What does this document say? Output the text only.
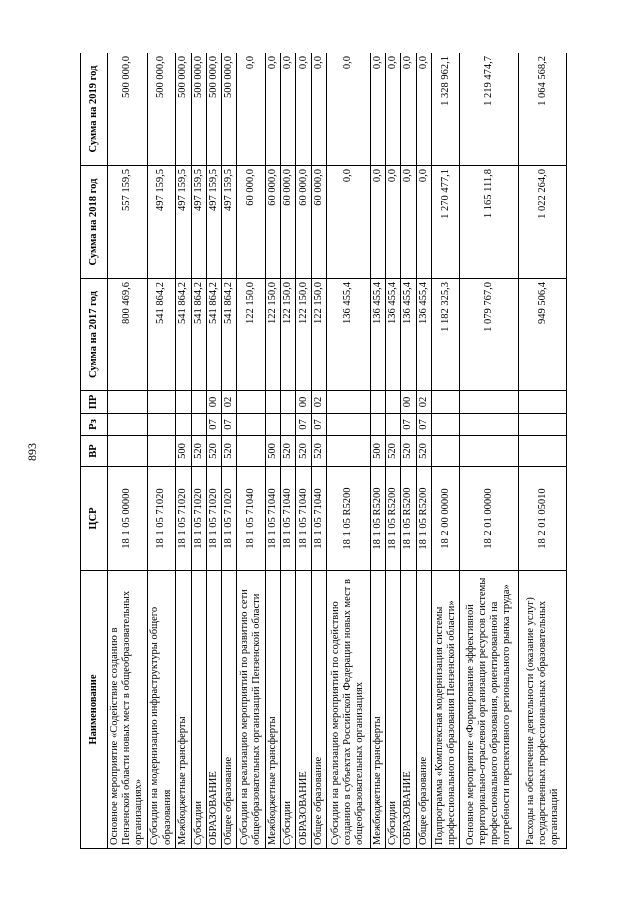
893
Наименование	ЦСР	ВР	Рз	ПР	Сумма на 2017 год	Сумма на 2018 год	Сумма на 2019 год
Основное мероприятие «Содействие созданию в Пензенской области новых мест в общеобразовательных организациях»	18 1 05 00000				800 469,6	557 159,5	500 000,0
Субсидии на модернизацию инфраструктуры общего образования	18 1 05 71020				541 864,2	497 159,5	500 000,0
Межбюджетные трансферты	18 1 05 71020	500			541 864,2	497 159,5	500 000,0
Субсидии	18 1 05 71020	520			541 864,2	497 159,5	500 000,0
ОБРАЗОВАНИЕ	18 1 05 71020	520	07	00	541 864,2	497 159,5	500 000,0
Общее образование	18 1 05 71020	520	07	02	541 864,2	497 159,5	500 000,0
Субсидии на реализацию мероприятий по развитию сети общеобразовательных организаций Пензенской области	18 1 05 71040				122 150,0	60 000,0	0,0
Межбюджетные трансферты	18 1 05 71040	500			122 150,0	60 000,0	0,0
Субсидии	18 1 05 71040	520			122 150,0	60 000,0	0,0
ОБРАЗОВАНИЕ	18 1 05 71040	520	07	00	122 150,0	60 000,0	0,0
Общее образование	18 1 05 71040	520	07	02	122 150,0	60 000,0	0,0
Субсидии на реализацию мероприятий по содействию созданию в субъектах Российской Федерации новых мест в общеобразовательных организациях	18 1 05 R5200				136 455,4	0,0	0,0
Межбюджетные трансферты	18 1 05 R5200	500			136 455,4	0,0	0,0
Субсидии	18 1 05 R5200	520			136 455,4	0,0	0,0
ОБРАЗОВАНИЕ	18 1 05 R5200	520	07	00	136 455,4	0,0	0,0
Общее образование	18 1 05 R5200	520	07	02	136 455,4	0,0	0,0
Подпрограмма «Комплексная модернизация системы профессионального образования Пензенской области»	18 2 00 00000				1 182 325,3	1 270 477,1	1 328 962,1
Основное мероприятие «Формирование эффективной территориально-отраслевой организации ресурсов системы профессионального образования, ориентированной на потребности перспективного регионального рынка труда»	18 2 01 00000				1 079 767,0	1 165 111,8	1 219 474,7
Расходы на обеспечение деятельности (оказание услуг) государственных профессиональных образовательных организаций	18 2 01 05010				949 506,4	1 022 264,0	1 064 568,2
